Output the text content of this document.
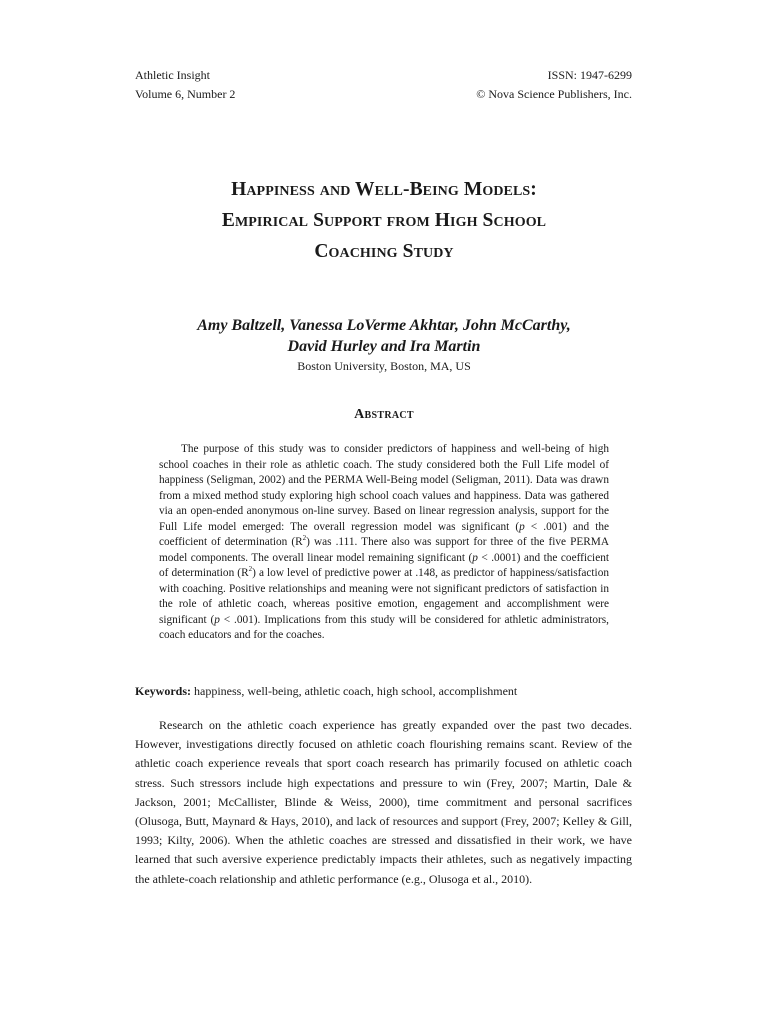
Athletic Insight
Volume 6, Number 2
ISSN: 1947-6299
© Nova Science Publishers, Inc.
Happiness and Well-Being Models:
Empirical Support from High School
Coaching Study
Amy Baltzell, Vanessa LoVerme Akhtar, John McCarthy,
David Hurley and Ira Martin
Boston University, Boston, MA, US
Abstract

The purpose of this study was to consider predictors of happiness and well-being of high school coaches in their role as athletic coach. The study considered both the Full Life model of happiness (Seligman, 2002) and the PERMA Well-Being model (Seligman, 2011). Data was drawn from a mixed method study exploring high school coach values and happiness. Data was gathered via an open-ended anonymous on-line survey. Based on linear regression analysis, support for the Full Life model emerged: The overall regression model was significant (p < .001) and the coefficient of determination $(R^2)$ was .111. There also was support for three of the five PERMA model components. The overall linear model remaining significant (p < .0001) and the coefficient of determination $(R^2)$ a low level of predictive power at .148, as predictor of happiness/satisfaction with coaching. Positive relationships and meaning were not significant predictors of satisfaction in the role of athletic coach, whereas positive emotion, engagement and accomplishment were significant (p < .001). Implications from this study will be considered for athletic administrators, coach educators and for the coaches.

Keywords: happiness, well-being, athletic coach, high school, accomplishment

Research on the athletic coach experience has greatly expanded over the past two decades. However, investigations directly focused on athletic coach flourishing remains scant. Review of the athletic coach experience reveals that sport coach research has primarily focused on athletic coach stress. Such stressors include high expectations and pressure to win (Frey, 2007; Martin, Dale & Jackson, 2001; McCallister, Blinde & Weiss, 2000), time commitment and personal sacrifices (Olusoga, Butt, Maynard & Hays, 2010), and lack of resources and support (Frey, 2007; Kelley & Gill, 1993; Kilty, 2006). When the athletic coaches are stressed and dissatisfied in their work, we have learned that such aversive experience predictably impacts their athletes, such as negatively impacting the athlete-coach relationship and athletic performance (e.g., Olusoga et al., 2010).
